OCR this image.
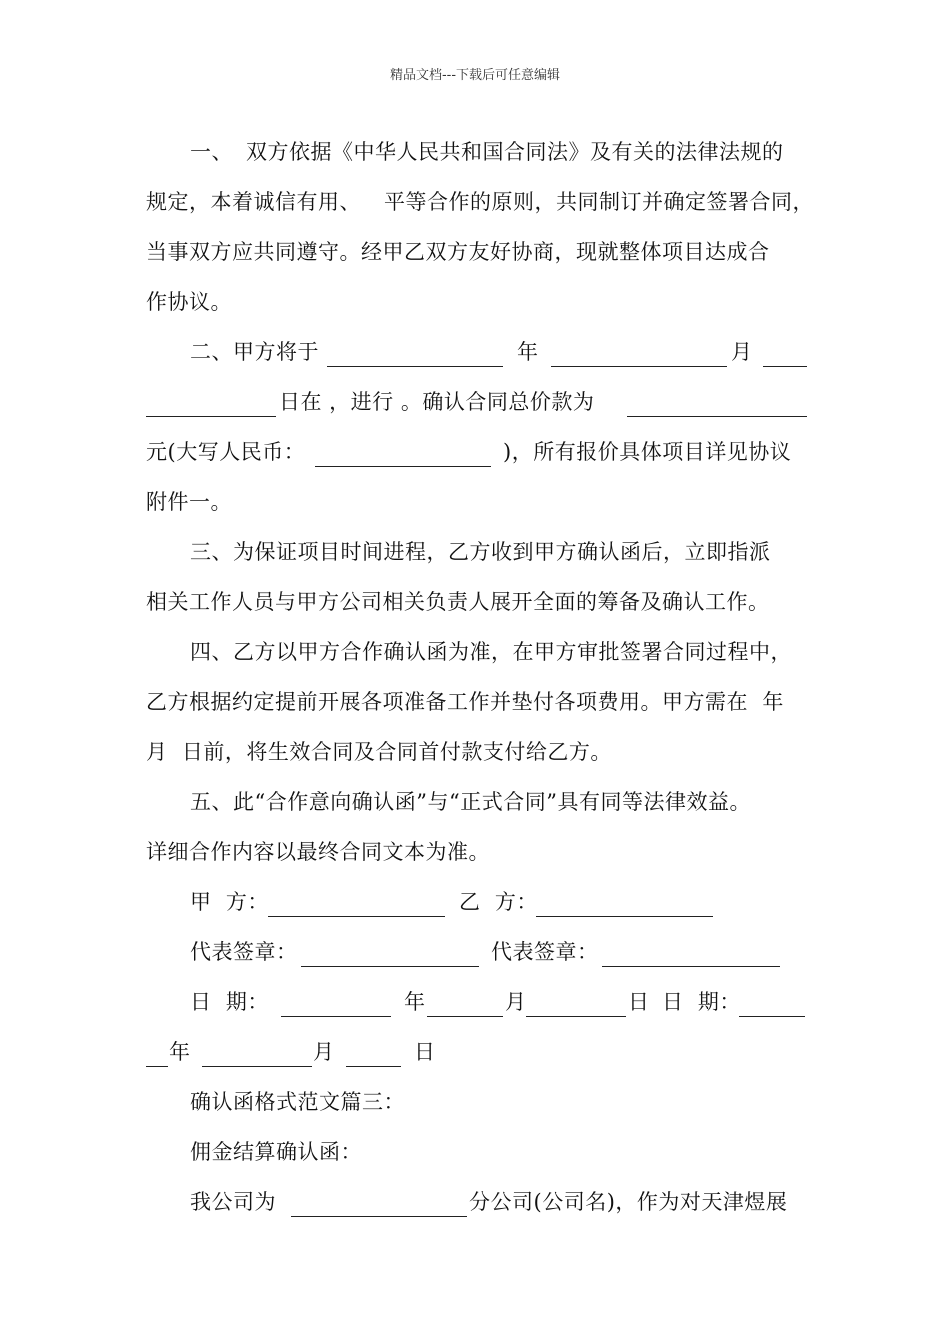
精品文档---下载后可任意编辑

一、

双方依据《中华人民共和国合同法》及有关的法律法规的

规定，本着诚信有用、

平等合作的原则，共同制订并确定签署合同，

当事双方应共同遵守。经甲乙双方友好协商，现就整体项目达成合

作协议。

二、甲方将于

	年

	月

日在 ，进行 。确认合同总价款为

元(大写人民币：

	)，所有报价具体项目详见协议

附件一。

三、为保证项目时间进程，乙方收到甲方确认函后，立即指派

相关工作人员与甲方公司相关负责人展开全面的筹备及确认工作。

四、乙方以甲方合作确认函为准，在甲方审批签署合同过程中，

乙方根据约定提前开展各项准备工作并垫付各项费用。甲方需在  年

月  日前，将生效合同及合同首付款支付给乙方。

五、此“合作意向确认函”与“正式合同”具有同等法律效益。

详细合作内容以最终合同文本为准。

甲  方：

	乙  方：

代表签章：

	代表签章：

日  期：

	年

	月

	日

日  期：

年

	月

	日

确认函格式范文篇三：

佣金结算确认函：

我公司为

	分公司(公司名)，作为对天津煜展
